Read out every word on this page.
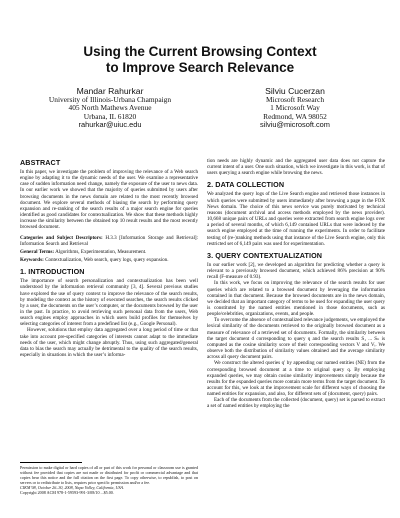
Using the Current Browsing Context
to Improve Search Relevance
Mandar Rahurkar
University of Illinois-Urbana Champaign
405 North Mathews Avenue
Urbana, IL 61820
rahurkar@uiuc.edu
Silviu Cucerzan
Microsoft Research
1 Microsoft Way
Redmond, WA 98052
silviu@microsoft.com
ABSTRACT

In this paper, we investigate the problem of improving the relevance of a Web search engine by adapting it to the dynamic needs of the user. We examine a representative case of sudden information need change, namely the exposure of the user to news data. In our earlier work we showed that the majority of queries submitted by users after browsing documents in the news domain are related to the most recently browsed document. We explore several methods of biasing the search by performing query expansion and re-ranking of the search results of a major search engine for queries identified as good candidates for contextualization. We show that these methods highly increase the similarity between the obtained top 10 result results and the most recently browsed document.

Categories and Subject Descriptors: H.3.3 [Information Storage and Retrieval]: Information Search and Retrieval

General Terms: Algorithms, Experimentation, Measurement.

Keywords: Contextualization, Web search, query logs, query expansion.

1. INTRODUCTION

The importance of search personalization and contextualization has been well understood by the information retrieval community [3, 4]. Several previous studies have explored the use of query context to improve the relevance of the search results, by modeling the context as the history of executed searches, the search results clicked by a user, the documents on the user’s computer, or the documents browsed by the user in the past. In practice, to avoid retrieving such personal data from the users, Web search engines employ approaches in which users build profiles for themselves by selecting categories of interest from a predefined list (e.g., Google Personal).

However, solutions that employ data aggregated over a long period of time or that take into account pre-specified categories of interests cannot adapt to the immediate needs of the user, which might change abruptly. Thus, using such aggregated/general data to bias the search may actually be detrimental to the quality of the search results, especially in situations in which the user’s informa-

Permission to make digital or hard copies of all or part of this work for personal or classroom use is granted without fee provided that copies are not made or distributed for profit or commercial advantage and that copies bear this notice and the full citation on the first page. To copy otherwise, to republish, to post on servers or to redistribute to lists, requires prior specific permission and/or a fee.
CIKM’08, October 26–30, 2008, Napa Valley, California, USA.
Copyright 2008 ACM 978-1-59593-991-3/08/10 ...$5.00.

tion needs are highly dynamic and the aggregated user data does not capture the current intent of a user. One such situation, which we investigate in this work, is that of users querying a search engine while browsing the news.

2. DATA COLLECTION

We analyzed the query logs of the Live Search engine and retrieved those instances in which queries were submitted by users immediately after browsing a page in the FOX News domain. The choice of this news service was purely motivated by technical reasons (document archival and access methods employed by the news provider). 10,668 unique pairs of URLs and queries were extracted from search engine logs over a period of several months, of which 6,149 contained URLs that were indexed by the search engine employed at the time of running the experiments. In order to facilitate testing of (re-)ranking methods using that instance of the Live Search engine, only this restricted set of 6,149 pairs was used for experimentation.

3. QUERY CONTEXTUALIZATION

In our earlier work [2], we developed an algorithm for predicting whether a query is relevant to a previously browsed document, which achieved 86% precision at 90% recall (F-measure of 0.93).

In this work, we focus on improving the relevance of the search results for user queries which are related to a browsed document by leveraging the information contained in that document. Because the browsed documents are in the news domain, we decided that an important category of terms to be used for expanding the user query is constituted by the named entities mentioned in those documents, such as people/celebrities, organizations, events, and people.

To overcome the absence of contextualized relevance judgements, we employed the lexical similarity of the documents retrieved to the originally browsed document as a measure of relevance of a retrieved set of documents. Formally, the similarity between the target document d corresponding to query q and the search results S₁ ... Sₙ is computed as the cosine similarity score of their corresponding vectors V and Vᵢ. We observe both the distribution of similarity values obtained and the average similarity across all query document pairs.

We construct the altered queries q′ by appending our named entities (NE) from the corresponding browsed document at a time to original query q. By employing expanded queries, we may obtain cosine similarity improvements simply because the results for the expanded queries more contain more terms from the target document. To account for this, we look at the improvement scale for different ways of choosing the named entities for expansion, and also, for different sets of (document, query) pairs.

Each of the documents from the collected (document, query) set is parsed to extract a set of named entities by employing the
